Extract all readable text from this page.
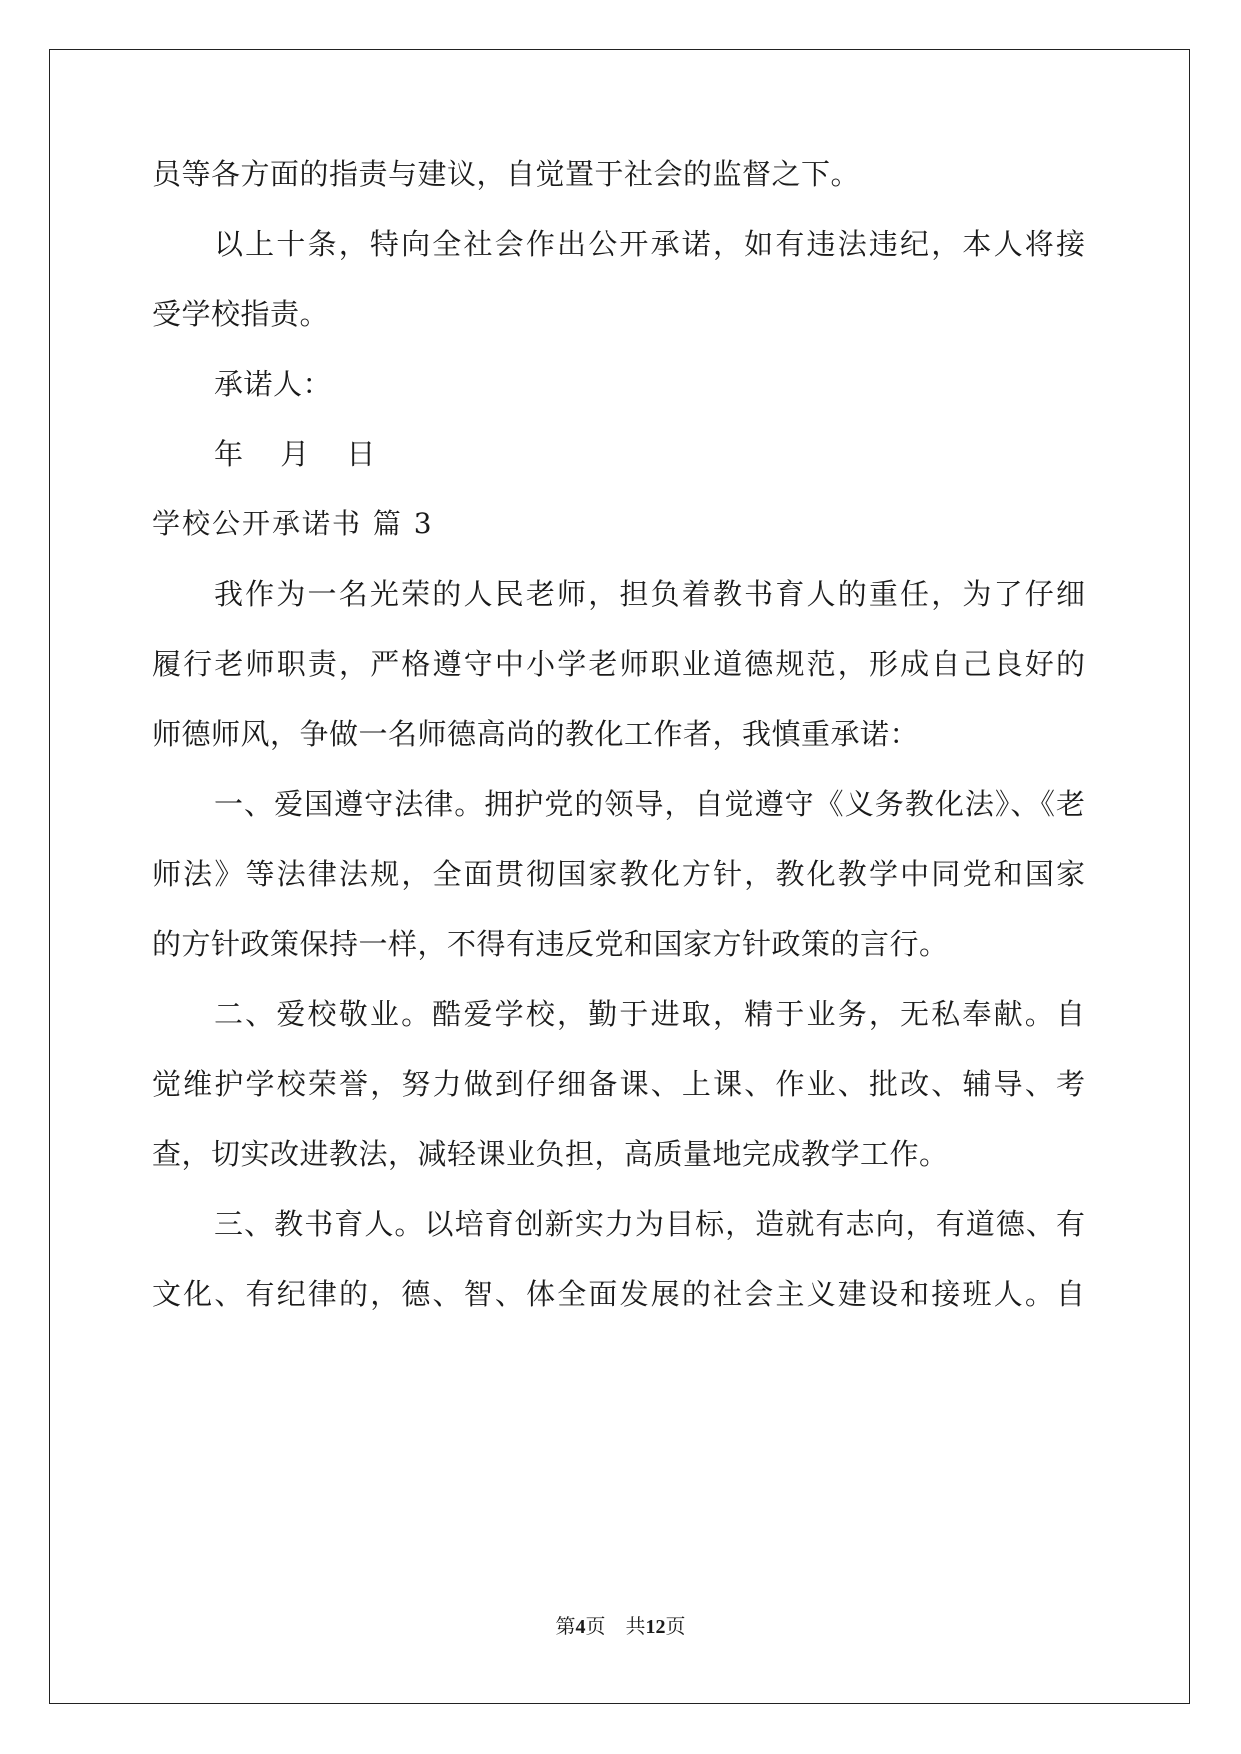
员等各方面的指责与建议，自觉置于社会的监督之下。
以上十条，特向全社会作出公开承诺，如有违法违纪，本人将接
受学校指责。
承诺人：
年 月 日
学校公开承诺书 篇 3
我作为一名光荣的人民老师，担负着教书育人的重任，为了仔细
履行老师职责，严格遵守中小学老师职业道德规范，形成自己良好的
师德师风，争做一名师德高尚的教化工作者，我慎重承诺：
一、爱国遵守法律。拥护党的领导，自觉遵守《义务教化法》、《老
师法》等法律法规，全面贯彻国家教化方针，教化教学中同党和国家
的方针政策保持一样，不得有违反党和国家方针政策的言行。
二、爱校敬业。酷爱学校，勤于进取，精于业务，无私奉献。自
觉维护学校荣誉，努力做到仔细备课、上课、作业、批改、辅导、考
查，切实改进教法，减轻课业负担，高质量地完成教学工作。
三、教书育人。以培育创新实力为目标，造就有志向，有道德、有
文化、有纪律的，德、智、体全面发展的社会主义建设和接班人。自
第4页　共12页
